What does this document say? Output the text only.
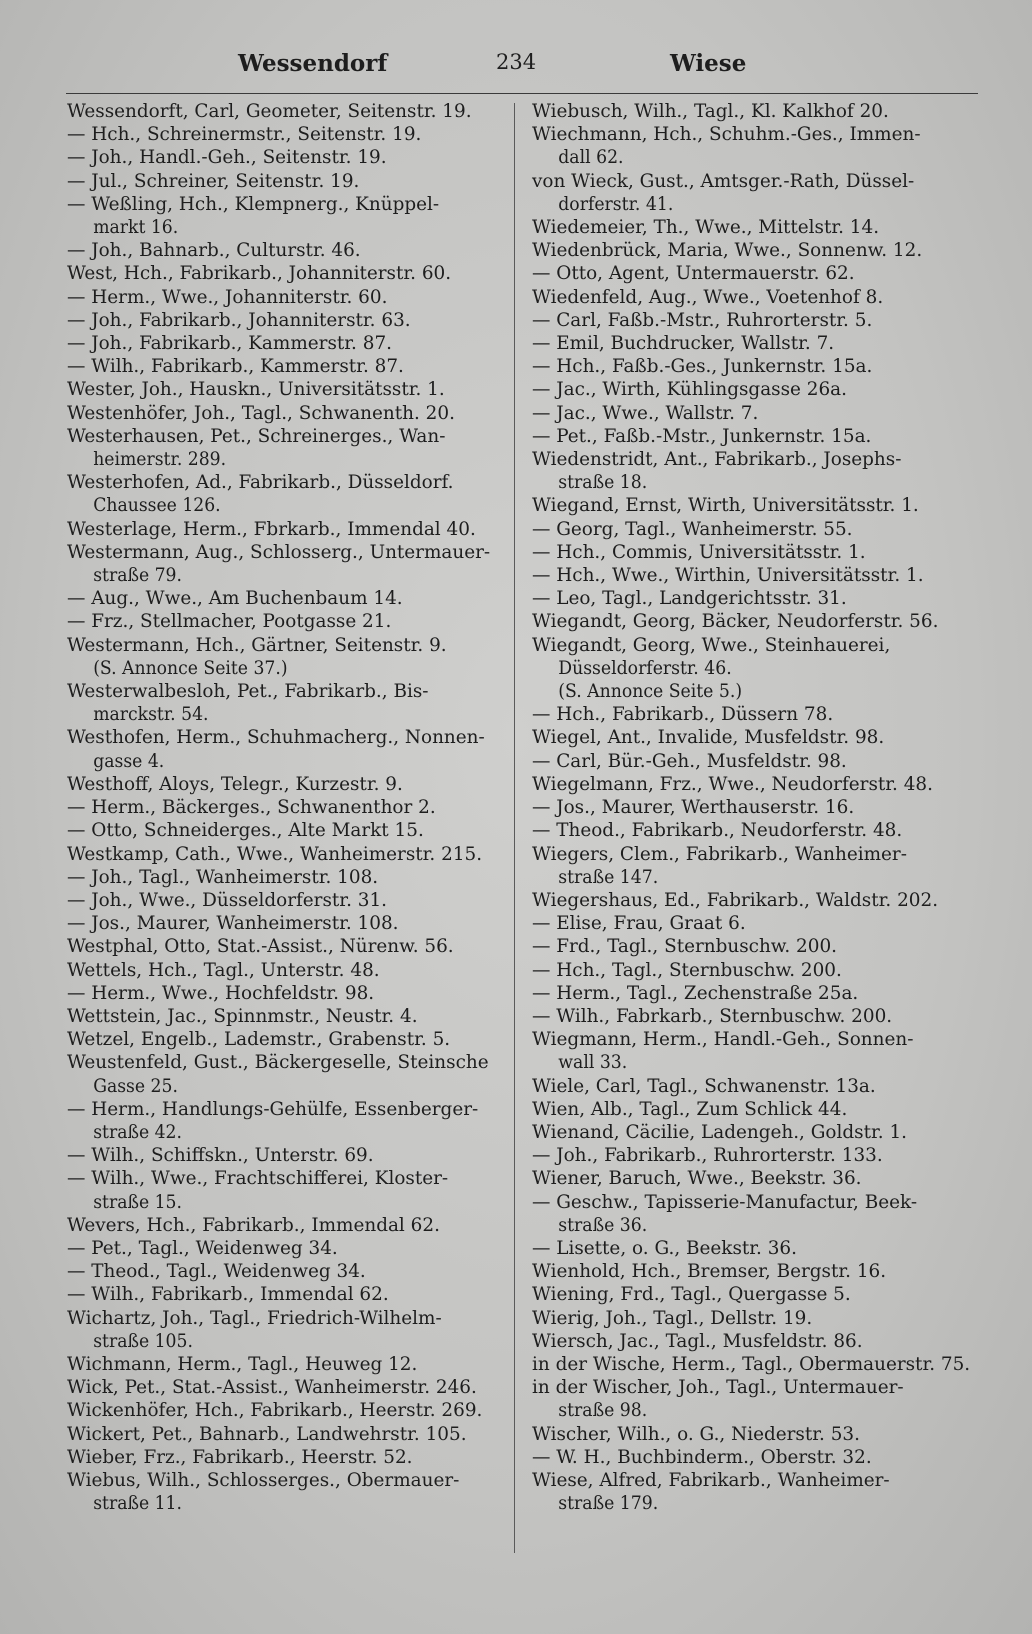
Wessendorf	234	Wiese
Wessendorft, Carl, Geometer, Seitenstr. 19.
— Hch., Schreinermstr., Seitenstr. 19.
— Joh., Handl.-Geh., Seitenstr. 19.
— Jul., Schreiner, Seitenstr. 19.
— Weßling, Hch., Klempnerg., Knüppel-
markt 16.
— Joh., Bahnarb., Culturstr. 46.
West, Hch., Fabrikarb., Johanniterstr. 60.
— Herm., Wwe., Johanniterstr. 60.
— Joh., Fabrikarb., Johanniterstr. 63.
— Joh., Fabrikarb., Kammerstr. 87.
— Wilh., Fabrikarb., Kammerstr. 87.
Wester, Joh., Hauskn., Universitätsstr. 1.
Westenhöfer, Joh., Tagl., Schwanenth. 20.
Westerhausen, Pet., Schreinerges., Wan-
heimerstr. 289.
Westerhofen, Ad., Fabrikarb., Düsseldorf.
Chaussee 126.
Westerlage, Herm., Fbrkarb., Immendal 40.
Westermann, Aug., Schlosserg., Untermauer-
straße 79.
— Aug., Wwe., Am Buchenbaum 14.
— Frz., Stellmacher, Pootgasse 21.
Westermann, Hch., Gärtner, Seitenstr. 9.
(S. Annonce Seite 37.)
Westerwalbesloh, Pet., Fabrikarb., Bis-
marckstr. 54.
Westhofen, Herm., Schuhmacherg., Nonnen-
gasse 4.
Westhoff, Aloys, Telegr., Kurzestr. 9.
— Herm., Bäckerges., Schwanenthor 2.
— Otto, Schneiderges., Alte Markt 15.
Westkamp, Cath., Wwe., Wanheimerstr. 215.
— Joh., Tagl., Wanheimerstr. 108.
— Joh., Wwe., Düsseldorferstr. 31.
— Jos., Maurer, Wanheimerstr. 108.
Westphal, Otto, Stat.-Assist., Nürenw. 56.
Wettels, Hch., Tagl., Unterstr. 48.
— Herm., Wwe., Hochfeldstr. 98.
Wettstein, Jac., Spinnmstr., Neustr. 4.
Wetzel, Engelb., Lademstr., Grabenstr. 5.
Weustenfeld, Gust., Bäckergeselle, Steinsche
Gasse 25.
— Herm., Handlungs-Gehülfe, Essenberger-
straße 42.
— Wilh., Schiffskn., Unterstr. 69.
— Wilh., Wwe., Frachtschifferei, Kloster-
straße 15.
Wevers, Hch., Fabrikarb., Immendal 62.
— Pet., Tagl., Weidenweg 34.
— Theod., Tagl., Weidenweg 34.
— Wilh., Fabrikarb., Immendal 62.
Wichartz, Joh., Tagl., Friedrich-Wilhelm-
straße 105.
Wichmann, Herm., Tagl., Heuweg 12.
Wick, Pet., Stat.-Assist., Wanheimerstr. 246.
Wickenhöfer, Hch., Fabrikarb., Heerstr. 269.
Wickert, Pet., Bahnarb., Landwehrstr. 105.
Wieber, Frz., Fabrikarb., Heerstr. 52.
Wiebus, Wilh., Schlosserges., Obermauer-
straße 11.
Wiebusch, Wilh., Tagl., Kl. Kalkhof 20.
Wiechmann, Hch., Schuhm.-Ges., Immen-
dall 62.
von Wieck, Gust., Amtsger.-Rath, Düssel-
dorferstr. 41.
Wiedemeier, Th., Wwe., Mittelstr. 14.
Wiedenbrück, Maria, Wwe., Sonnenw. 12.
— Otto, Agent, Untermauerstr. 62.
Wiedenfeld, Aug., Wwe., Voetenhof 8.
— Carl, Faßb.-Mstr., Ruhrorterstr. 5.
— Emil, Buchdrucker, Wallstr. 7.
— Hch., Faßb.-Ges., Junkernstr. 15a.
— Jac., Wirth, Kühlingsgasse 26a.
— Jac., Wwe., Wallstr. 7.
— Pet., Faßb.-Mstr., Junkernstr. 15a.
Wiedenstridt, Ant., Fabrikarb., Josephs-
straße 18.
Wiegand, Ernst, Wirth, Universitätsstr. 1.
— Georg, Tagl., Wanheimerstr. 55.
— Hch., Commis, Universitätsstr. 1.
— Hch., Wwe., Wirthin, Universitätsstr. 1.
— Leo, Tagl., Landgerichtsstr. 31.
Wiegandt, Georg, Bäcker, Neudorferstr. 56.
Wiegandt, Georg, Wwe., Steinhauerei,
Düsseldorferstr. 46.
(S. Annonce Seite 5.)
— Hch., Fabrikarb., Düssern 78.
Wiegel, Ant., Invalide, Musfeldstr. 98.
— Carl, Bür.-Geh., Musfeldstr. 98.
Wiegelmann, Frz., Wwe., Neudorferstr. 48.
— Jos., Maurer, Werthauserstr. 16.
— Theod., Fabrikarb., Neudorferstr. 48.
Wiegers, Clem., Fabrikarb., Wanheimer-
straße 147.
Wiegershaus, Ed., Fabrikarb., Waldstr. 202.
— Elise, Frau, Graat 6.
— Frd., Tagl., Sternbuschw. 200.
— Hch., Tagl., Sternbuschw. 200.
— Herm., Tagl., Zechenstraße 25a.
— Wilh., Fabrkarb., Sternbuschw. 200.
Wiegmann, Herm., Handl.-Geh., Sonnen-
wall 33.
Wiele, Carl, Tagl., Schwanenstr. 13a.
Wien, Alb., Tagl., Zum Schlick 44.
Wienand, Cäcilie, Ladengeh., Goldstr. 1.
— Joh., Fabrikarb., Ruhrorterstr. 133.
Wiener, Baruch, Wwe., Beekstr. 36.
— Geschw., Tapisserie-Manufactur, Beek-
straße 36.
— Lisette, o. G., Beekstr. 36.
Wienhold, Hch., Bremser, Bergstr. 16.
Wiening, Frd., Tagl., Quergasse 5.
Wierig, Joh., Tagl., Dellstr. 19.
Wiersch, Jac., Tagl., Musfeldstr. 86.
in der Wische, Herm., Tagl., Obermauerstr. 75.
in der Wischer, Joh., Tagl., Untermauer-
straße 98.
Wischer, Wilh., o. G., Niederstr. 53.
— W. H., Buchbinderm., Oberstr. 32.
Wiese, Alfred, Fabrikarb., Wanheimer-
straße 179.
